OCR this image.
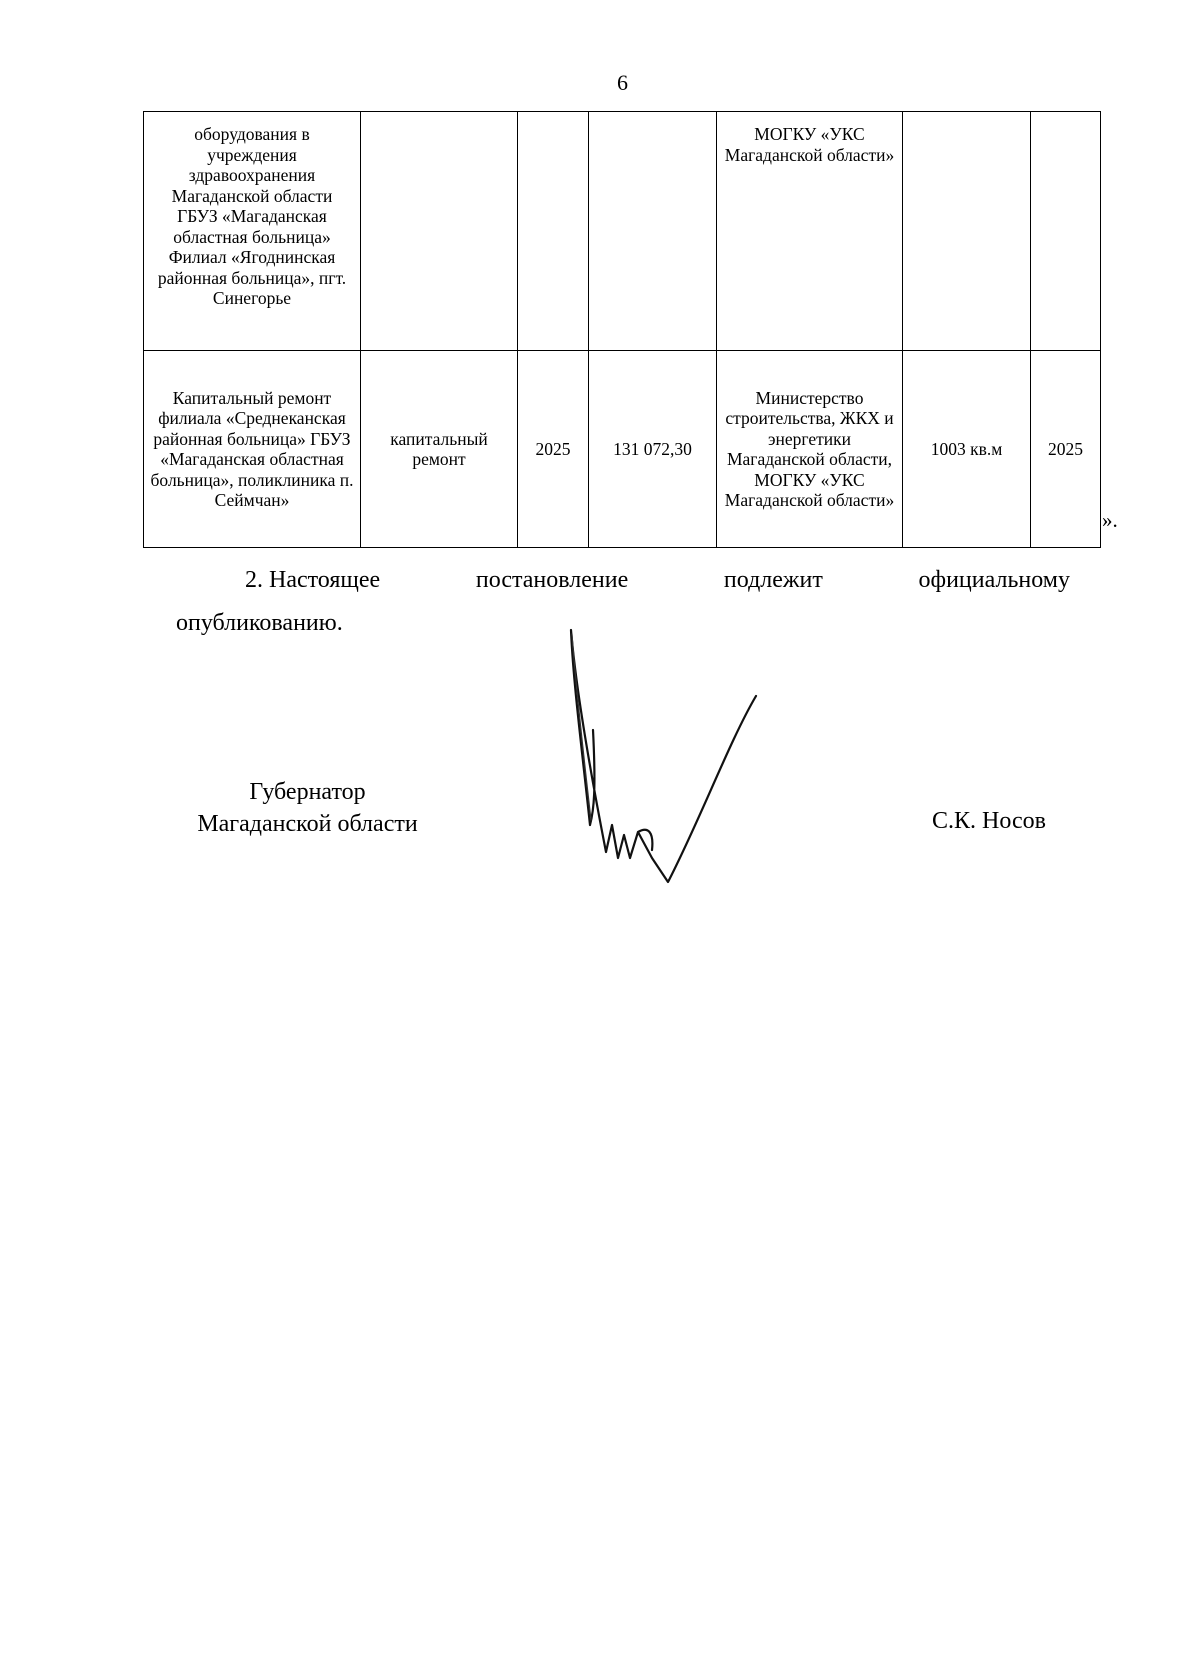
6
оборудования в учреждения здравоохранения Магаданской области ГБУЗ «Магаданская областная больница» Филиал «Ягоднинская районная больница», пгт. Синегорье				МОГКУ «УКС Магаданской области»		
Капитальный ремонт филиала «Среднеканская районная больница» ГБУЗ «Магаданская областная больница», поликлиника п. Сеймчан»	капитальный ремонт	2025	131 072,30	Министерство строительства, ЖКХ и энергетики Магаданской области, МОГКУ «УКС Магаданской области»	1003 кв.м	2025
».
2. Настоящее	постановление	подлежит	официальному
опубликованию.
Губернатор
Магаданской области	С.К. Носов
